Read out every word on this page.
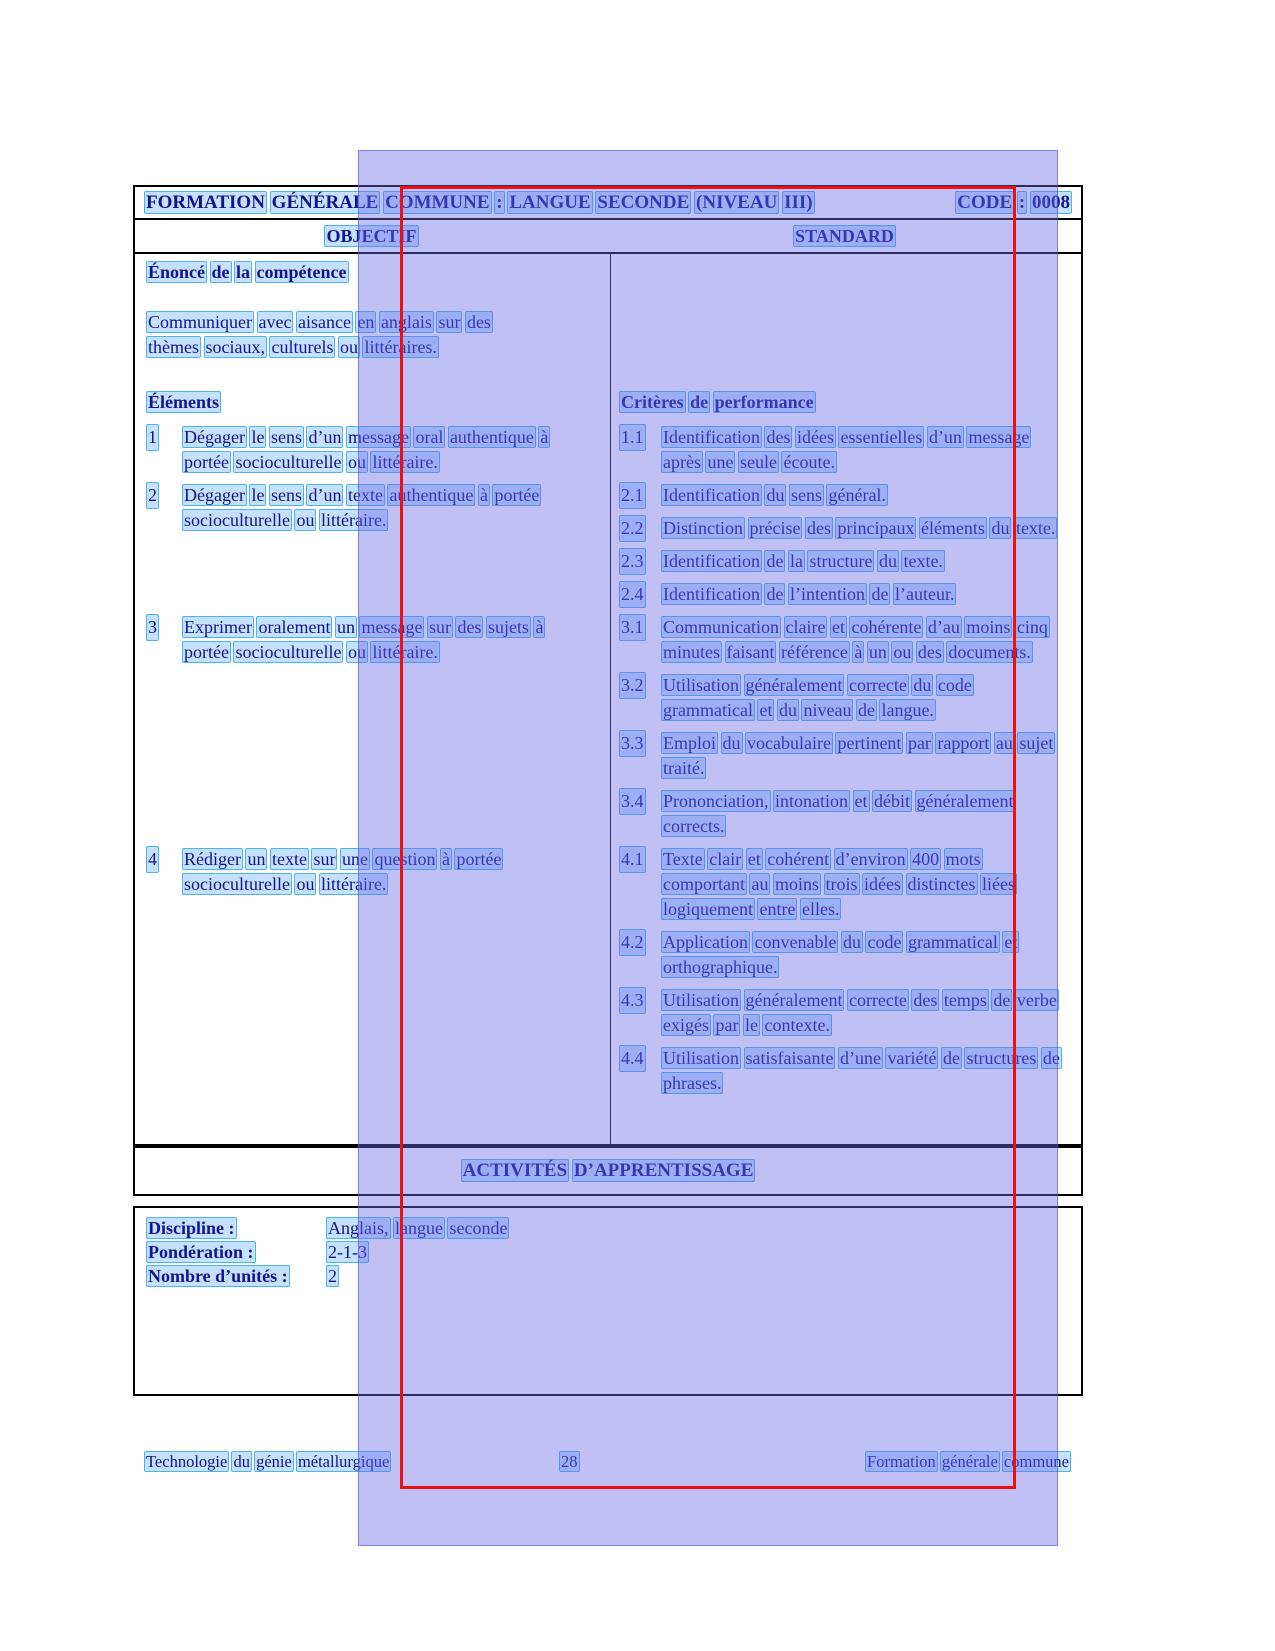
FORMATION GÉNÉRALE COMMUNE : LANGUE SECONDE (NIVEAU III)	CODE : 0008
OBJECTIF	STANDARD
Énoncé de la compétence
Communiquer avec aisance en anglais sur des thèmes sociaux, culturels ou littéraires.
Éléments	Critères de performance
1	Dégager le sens d’un message oral authentique à portée socioculturelle ou littéraire.
1.1	Identification des idées essentielles d’un message après une seule écoute.
2	Dégager le sens d’un texte authentique à portée socioculturelle ou littéraire.
2.1	Identification du sens général.
2.2	Distinction précise des principaux éléments du texte.
2.3	Identification de la structure du texte.
2.4	Identification de l’intention de l’auteur.
3	Exprimer oralement un message sur des sujets à portée socioculturelle ou littéraire.
3.1	Communication claire et cohérente d’au moins cinq minutes faisant référence à un ou des documents.
3.2	Utilisation généralement correcte du code grammatical et du niveau de langue.
3.3	Emploi du vocabulaire pertinent par rapport au sujet traité.
3.4	Prononciation, intonation et débit généralement corrects.
4	Rédiger un texte sur une question à portée socioculturelle ou littéraire.
4.1	Texte clair et cohérent d’environ 400 mots comportant au moins trois idées distinctes liées logiquement entre elles.
4.2	Application convenable du code grammatical et orthographique.
4.3	Utilisation généralement correcte des temps de verbe exigés par le contexte.
4.4	Utilisation satisfaisante d’une variété de structures de phrases.
ACTIVITÉS D’APPRENTISSAGE
Discipline :	Anglais, langue seconde
Pondération :	2-1-3
Nombre d’unités :	2
Technologie du génie métallurgique	28	Formation générale commune
